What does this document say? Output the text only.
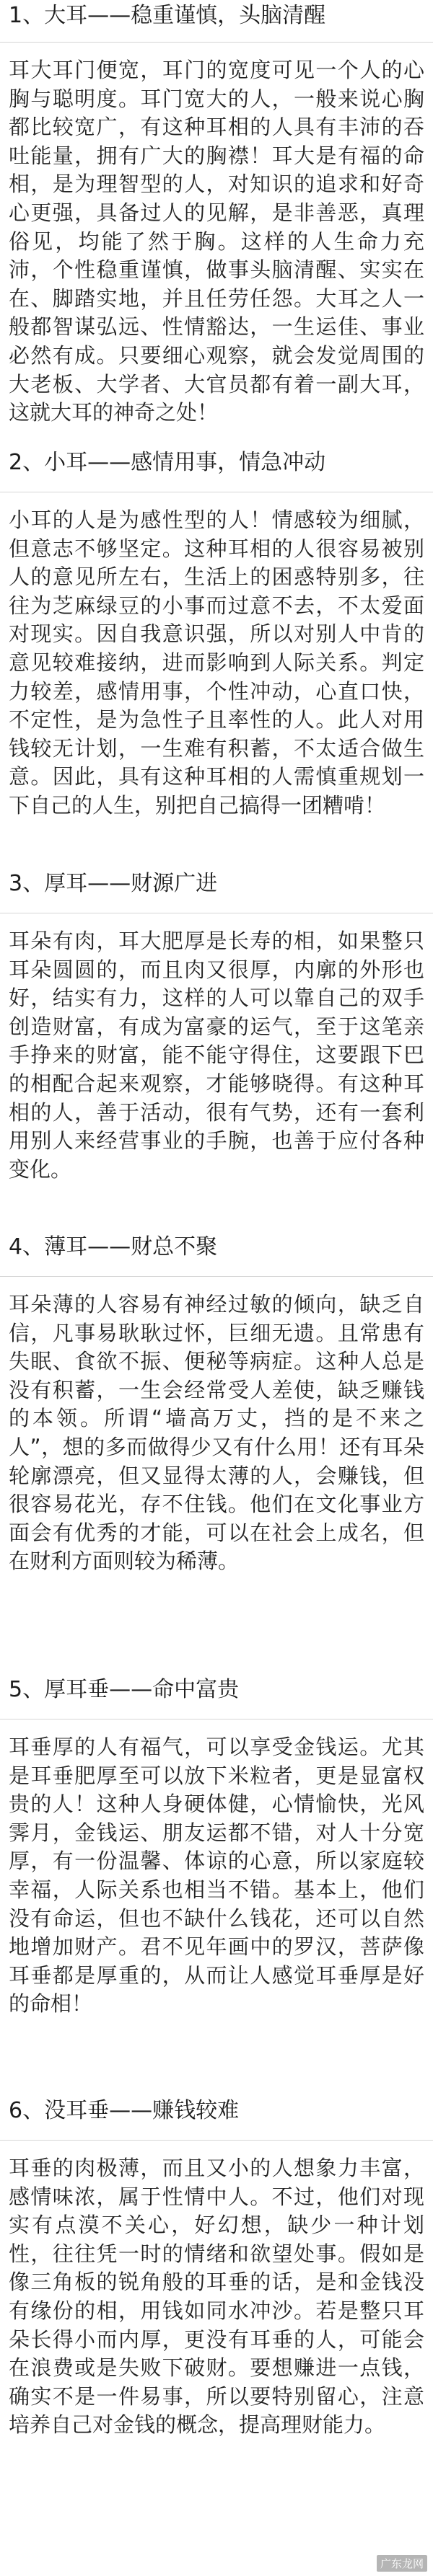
1、大耳——稳重谨慎，头脑清醒
耳大耳门便宽，耳门的宽度可见一个人的心胸与聪明度。耳门宽大的人，一般来说心胸都比较宽广，有这种耳相的人具有丰沛的吞吐能量，拥有广大的胸襟！耳大是有福的命相，是为理智型的人，对知识的追求和好奇心更强，具备过人的见解，是非善恶，真理俗见，均能了然于胸。这样的人生命力充沛，个性稳重谨慎，做事头脑清醒、实实在在、脚踏实地，并且任劳任怨。大耳之人一般都智谋弘远、性情豁达，一生运佳、事业必然有成。只要细心观察，就会发觉周围的大老板、大学者、大官员都有着一副大耳，这就大耳的神奇之处！
2、小耳——感情用事，情急冲动
小耳的人是为感性型的人！情感较为细腻，但意志不够坚定。这种耳相的人很容易被别人的意见所左右，生活上的困惑特别多，往往为芝麻绿豆的小事而过意不去，不太爱面对现实。因自我意识强，所以对别人中肯的意见较难接纳，进而影响到人际关系。判定力较差，感情用事，个性冲动，心直口快，不定性，是为急性子且率性的人。此人对用钱较无计划，一生难有积蓄，不太适合做生意。因此，具有这种耳相的人需慎重规划一下自己的人生，别把自己搞得一团糟啃！
3、厚耳——财源广进
耳朵有肉，耳大肥厚是长寿的相，如果整只耳朵圆圆的，而且肉又很厚，内廓的外形也好，结实有力，这样的人可以靠自己的双手创造财富，有成为富豪的运气，至于这笔亲手挣来的财富，能不能守得住，这要跟下巴的相配合起来观察，才能够晓得。有这种耳相的人，善于活动，很有气势，还有一套利用别人来经营事业的手腕，也善于应付各种变化。
4、薄耳——财总不聚
耳朵薄的人容易有神经过敏的倾向，缺乏自信，凡事易耿耿过怀，巨细无遗。且常患有失眠、食欲不振、便秘等病症。这种人总是没有积蓄，一生会经常受人差使，缺乏赚钱的本领。所谓“墙高万丈，挡的是不来之人”，想的多而做得少又有什么用！还有耳朵轮廓漂亮，但又显得太薄的人，会赚钱，但很容易花光，存不住钱。他们在文化事业方面会有优秀的才能，可以在社会上成名，但在财利方面则较为稀薄。
5、厚耳垂——命中富贵
耳垂厚的人有福气，可以享受金钱运。尤其是耳垂肥厚至可以放下米粒者，更是显富权贵的人！这种人身硬体健，心情愉快，光风霁月，金钱运、朋友运都不错，对人十分宽厚，有一份温馨、体谅的心意，所以家庭较幸福，人际关系也相当不错。基本上，他们没有命运，但也不缺什么钱花，还可以自然地增加财产。君不见年画中的罗汉，菩萨像耳垂都是厚重的，从而让人感觉耳垂厚是好的命相！
6、没耳垂——赚钱较难
耳垂的肉极薄，而且又小的人想象力丰富，感情味浓，属于性情中人。不过，他们对现实有点漠不关心，好幻想，缺少一种计划性，往往凭一时的情绪和欲望处事。假如是像三角板的锐角般的耳垂的话，是和金钱没有缘份的相，用钱如同水冲沙。若是整只耳朵长得小而内厚，更没有耳垂的人，可能会在浪费或是失败下破财。要想赚进一点钱，确实不是一件易事，所以要特别留心，注意培养自己对金钱的概念，提高理财能力。
广东龙网
